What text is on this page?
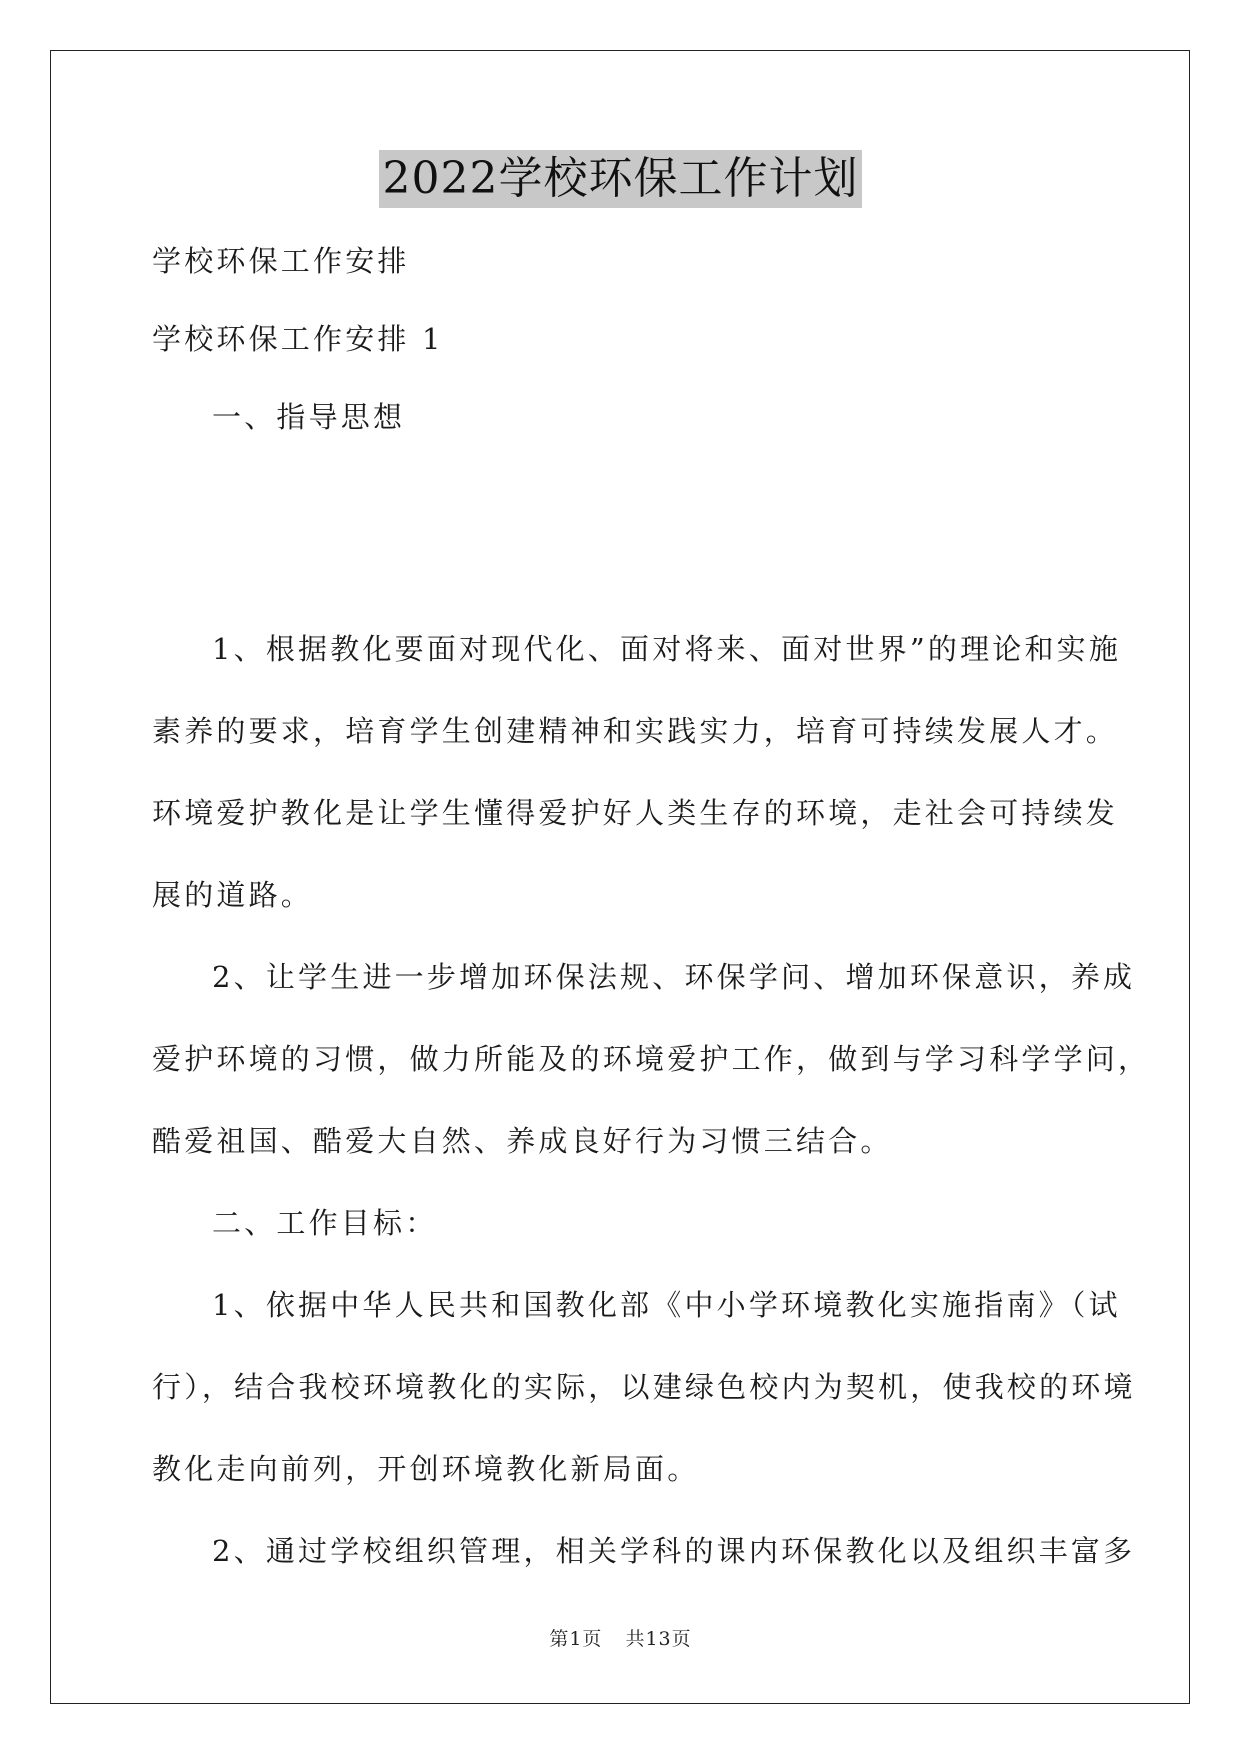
2022学校环保工作计划
学校环保工作安排
学校环保工作安排 1
一、指导思想
1、根据教化要面对现代化、面对将来、面对世界”的理论和实施
素养的要求，培育学生创建精神和实践实力，培育可持续发展人才。
环境爱护教化是让学生懂得爱护好人类生存的环境，走社会可持续发
展的道路。
2、让学生进一步增加环保法规、环保学问、增加环保意识，养成
爱护环境的习惯，做力所能及的环境爱护工作，做到与学习科学学问，
酷爱祖国、酷爱大自然、养成良好行为习惯三结合。
二、工作目标：
1、依据中华人民共和国教化部《中小学环境教化实施指南》（试
行），结合我校环境教化的实际，以建绿色校内为契机，使我校的环境
教化走向前列，开创环境教化新局面。
2、通过学校组织管理，相关学科的课内环保教化以及组织丰富多
第1页 共13页
